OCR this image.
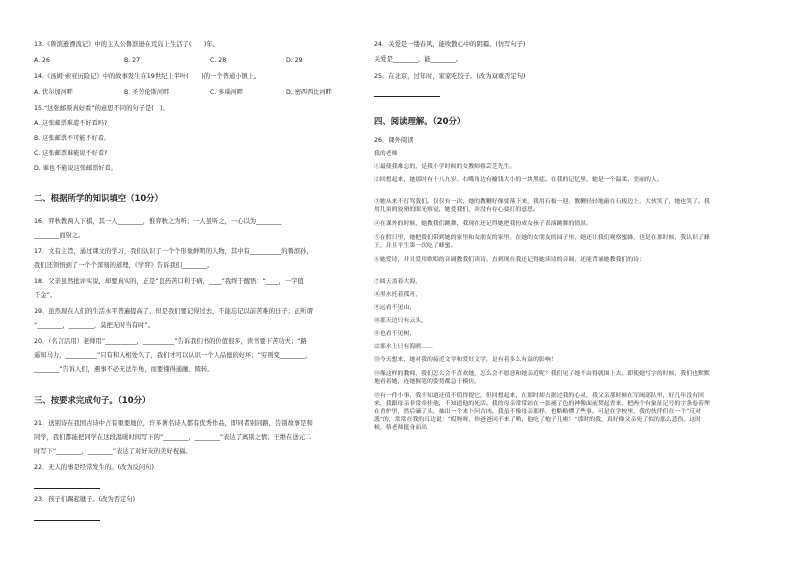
13.《鲁滨逊漂流记》中的主人公鲁滨逊在荒岛上生活了(　　)年。
A. 26	B. 27	C. 28	D. 29
14.《汤姆·索亚历险记》中的故事发生在19世纪上半叶(　　)的一个普通小镇上。
A. 伏尔加河畔	B. 圣劳伦斯河畔	C. 多瑙河畔	D. 密西西比河畔
15.“这张邮票真好看”的意思不同的句子是(　)。
A. 这张邮票难道不好看吗?
B. 这张邮票不可能不好看。
C. 这张邮票谁能说不好看?
D. 谁也不能说这张邮票好看。
二、根据所学的知识填空（10分）
16．弈秋教两人下棋，其一人________，惟弈秋之为听；一人虽听之，一心以为________
________而射之。
17．文有主旨，通过课文的学习，我们认识了一个个形象鲜明的人物，其中有__________的鲁滨孙，
我们还领悟到了一个个深刻的道理，《学弈》告诉我们________。
18．父亲虽然批评实说，却要真实的，正是“良药苦口利于病，____”我终于醒悟：“____，一字值
千金”。
19．虽然现在人们的生活水平普遍提高了，但是我们要记得过去，不能忘记以前苦难的日子；正所谓
“________，________，莫把无时当有时”。
20．（名言活用）老师用“__________，__________”告诉我们书的价值很多，读书要下苦功夫；“路
遥知马力，__________”只有和人相处久了，我们才可以认识一个人品德的好坏；“穷则变________，
________”告诉人们，遇事不必无法牛角，而要懂得通融、圆转。
三、按要求完成句子。（10分）
21．送别诗在我国古诗中占有重要地位，许多著名诗人都有优秀作品，即同者别同路，告别故事是和
同学，我们都能把同学在这段温暖时间写下的“________，________”表达了离别之情；王维在送元二
时写下“________，________”表达了对好友的美好祝福。
22．无人的事是经常发生的。(改为反问句)
23．孩子们踢起毽子。(改为否定句)
24．关爱是一缕春风，能吹散心中的阴霾。(仿写句子)
关爱是________，能________。
25．在北京，过年时，家家吃饺子。(改为双重否定句)
四、阅读理解。（20分）
26．课外阅读
我的老师
①最使我难忘的，是我小学时候的女教师蔡芸芝先生。
②回想起来，她那时有十八九岁。右嘴角边有榆钱大小的一块黑痣。在我的记忆里，她是一个温柔、美丽的人。
③她从来不打骂我们。仅仅有一次，她的教鞭好像要落下来，我用石板一迎，教鞭轻轻地敲在石板边上，大伙笑了，她也笑了。我用儿童的狡猾的眼光察觉，她爱我们，并没有存心要打的意思。
④在课外的时候，她教我们跳舞，我现在还记得她把我扮成女孩子表演跳舞的情景。
⑤在假日里，她把我们带到她的家里和女朋友的家里。在她的女朋友的园子里，她还让我们观察蜜蜂，也是在那时候，我认识了蜂王，并且平生第一次吃了蜂蜜。
⑥她爱诗，并且爱用歌唱的音调教我们读诗。直到现在我还记得她读诗的音调，还能背诵她教我们的诗：
⑦圆天盖着大海，
⑧黑水托着孤舟，
⑨远看不见山，
⑩那天边只有云头，
⑪也看不见树，
⑫那水上只有海鸥……
⑬今天想来，她对我的接近文学和爱好文学，是有着多么有益的影响！
⑭像这样的教师，我们怎么会不喜欢她，怎么会不愿意和她亲近呢？我们见了她不由得就围上去。即使她写字的时候，我们也默默地看着她，连她握笔的姿势都急于模仿。
⑮有一件小事，我不知道还值不值得提它，但回想起来，在那时却占据过我的心灵。我父亲那时候在军阀部队里，好几年没有回来，我跟母亲非常牵挂他，不知道他的死活。我的母亲常常站在一张褪了色的神像面前焚起香来，把两个有象征记号的字条卷着埋在香炉里，然后磕了头，抽出一个来卜问吉凶。我虽不像母亲那样，也略略懂了些事。可是在学校里，我的伙伴们在一个“反对派”的，常常在我的耳边说：“哎呀呀，你爸爸回不来了哟，他吃了炮子儿啦！”那时的我，真好像父亲死了似的那么悲伤。这时候，蔡老师挺身而出
